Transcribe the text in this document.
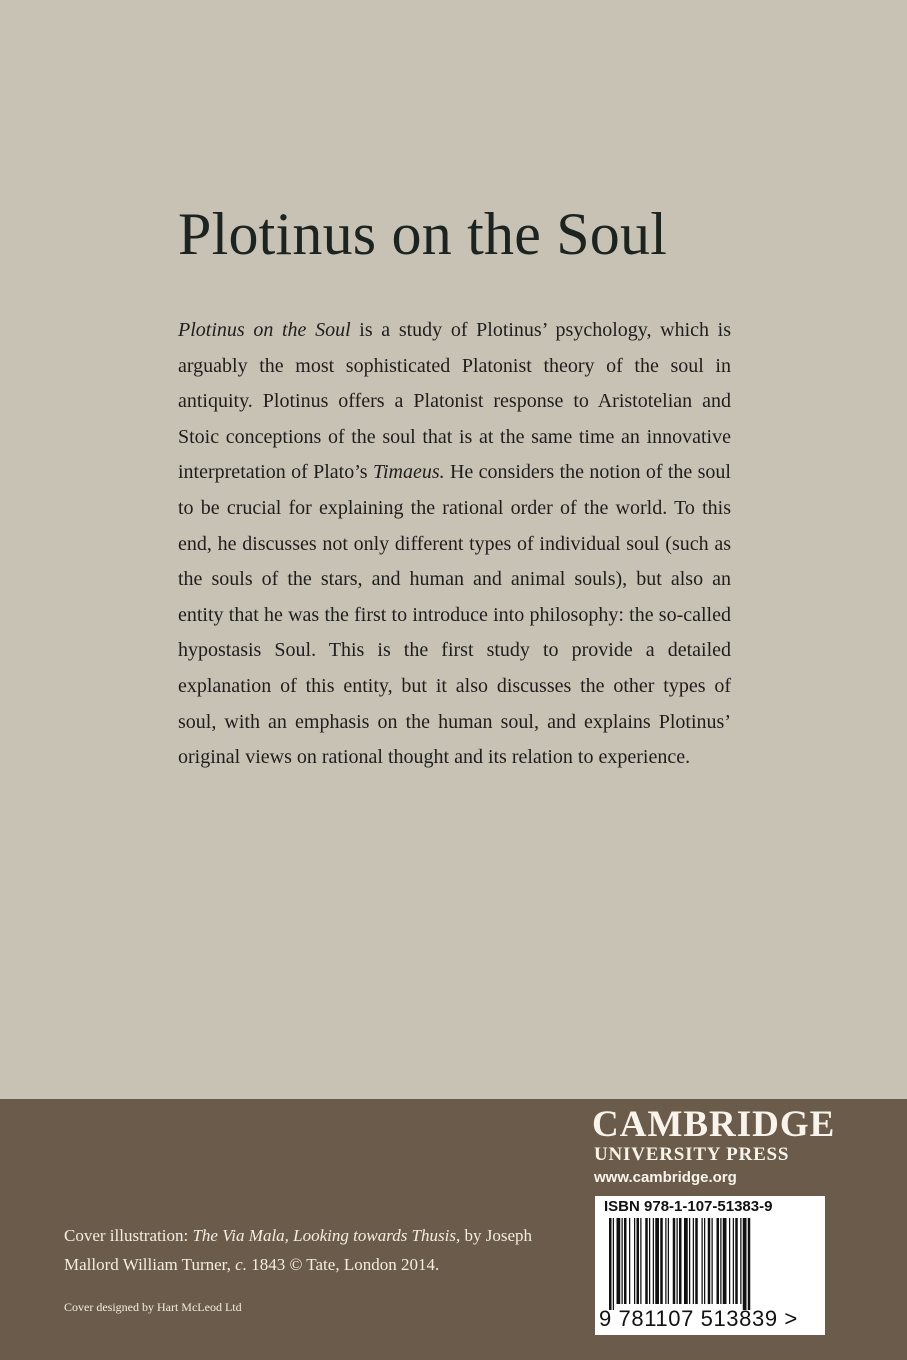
Plotinus on the Soul
Plotinus on the Soul is a study of Plotinus’ psychology, which is arguably the most sophisticated Platonist theory of the soul in antiquity. Plotinus offers a Platonist response to Aristotelian and Stoic conceptions of the soul that is at the same time an innovative interpretation of Plato’s Timaeus. He considers the notion of the soul to be crucial for explaining the rational order of the world. To this end, he discusses not only different types of individual soul (such as the souls of the stars, and human and animal souls), but also an entity that he was the first to introduce into philosophy: the so-called hypostasis Soul. This is the first study to provide a detailed explanation of this entity, but it also discusses the other types of soul, with an emphasis on the human soul, and explains Plotinus’ original views on rational thought and its relation to experience.
Cover illustration: The Via Mala, Looking towards Thusis, by Joseph Mallord William Turner, c. 1843 © Tate, London 2014.
Cover designed by Hart McLeod Ltd
CAMBRIDGE
UNIVERSITY PRESS
www.cambridge.org
ISBN 978-1-107-51383-9
9 781107 513839 >
